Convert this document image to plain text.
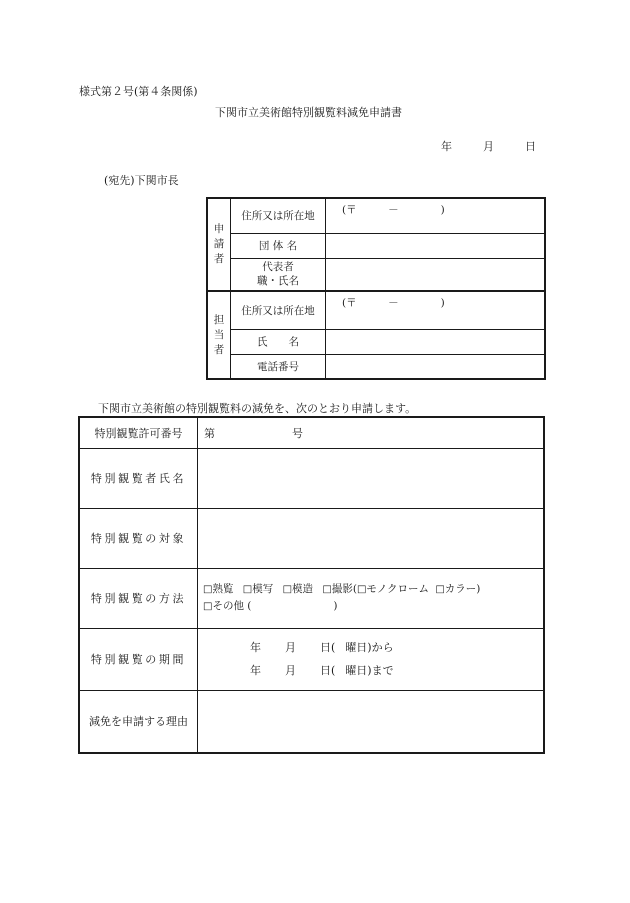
様式第２号(第４条関係)
下関市立美術館特別観覧料減免申請書
年	月	日
(宛先)下関市長
申請者	住所又は所在地	(〒　　　－　　　　)
	団 体 名	

	代表者
職・氏名	

担当者	住所又は所在地	(〒　　　－　　　　)
	氏　　名	
	電話番号	
下関市立美術館の特別観覧料の減免を、次のとおり申請します。
特別観覧許可番号	第 号
特別観覧者氏名	
特別観覧の対象	
特別観覧の方法	□熟覧 □模写 □模造 □撮影(□モノクローム □カラー)
□その他 ( )

特別観覧の期間	年 月 日( 曜日)から
年 月 日( 曜日)まで

減免を申請する理由	
